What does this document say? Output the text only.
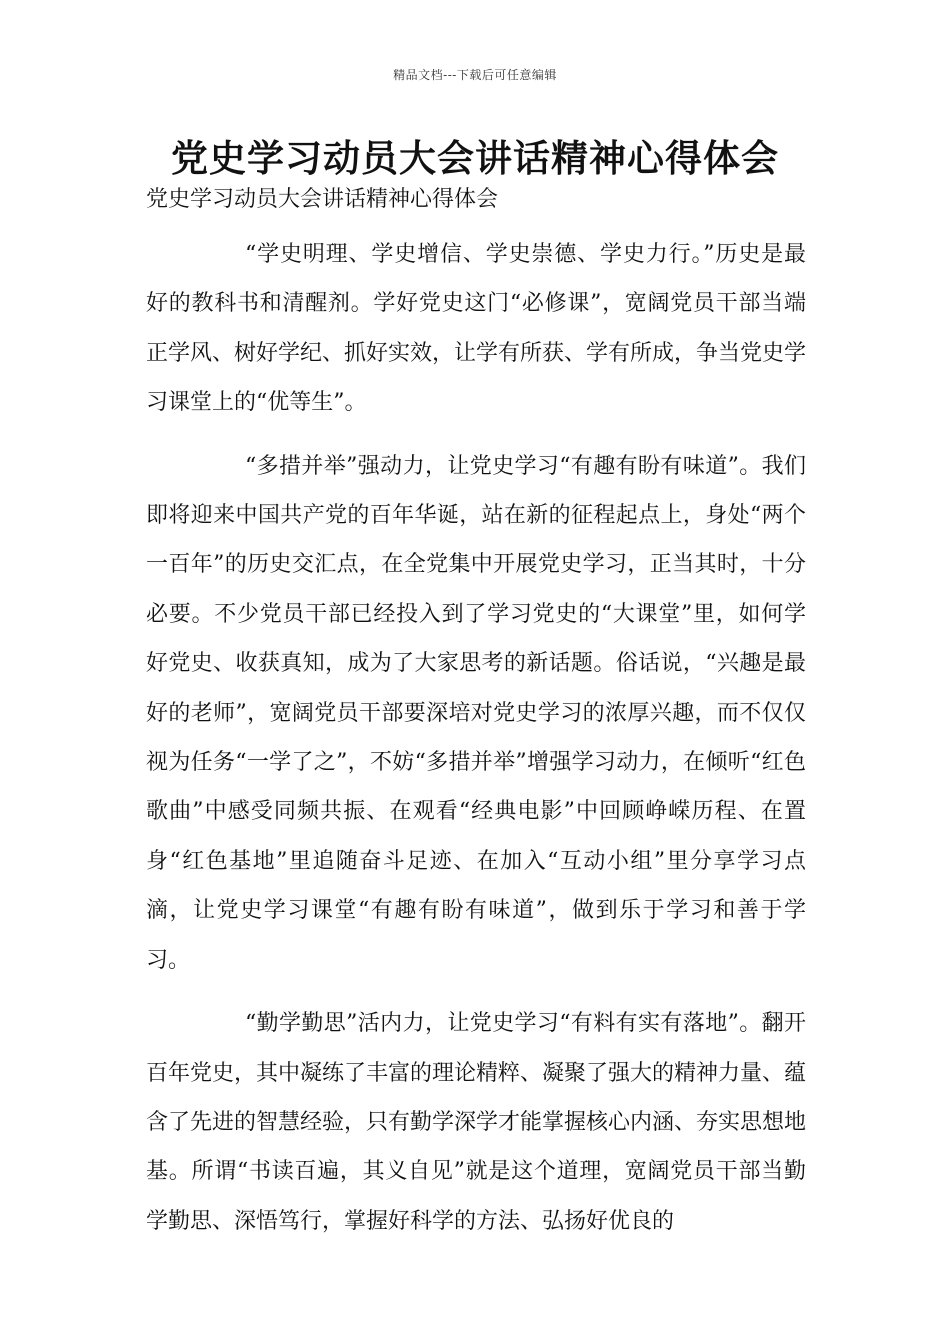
精品文档---下载后可任意编辑
党史学习动员大会讲话精神心得体会

党史学习动员大会讲话精神心得体会

“学史明理、学史增信、学史崇德、学史力行。”历史是最好的教科书和清醒剂。学好党史这门“必修课”，宽阔党员干部当端正学风、树好学纪、抓好实效，让学有所获、学有所成，争当党史学习课堂上的“优等生”。

“多措并举”强动力，让党史学习“有趣有盼有味道”。我们即将迎来中国共产党的百年华诞，站在新的征程起点上，身处“两个一百年”的历史交汇点，在全党集中开展党史学习，正当其时，十分必要。不少党员干部已经投入到了学习党史的“大课堂”里，如何学好党史、收获真知，成为了大家思考的新话题。俗话说，“兴趣是最好的老师”，宽阔党员干部要深培对党史学习的浓厚兴趣，而不仅仅视为任务“一学了之”，不妨“多措并举”增强学习动力，在倾听“红色歌曲”中感受同频共振、在观看“经典电影”中回顾峥嵘历程、在置身“红色基地”里追随奋斗足迹、在加入“互动小组”里分享学习点滴，让党史学习课堂“有趣有盼有味道”，做到乐于学习和善于学习。

“勤学勤思”活内力，让党史学习“有料有实有落地”。翻开百年党史，其中凝练了丰富的理论精粹、凝聚了强大的精神力量、蕴含了先进的智慧经验，只有勤学深学才能掌握核心内涵、夯实思想地基。所谓“书读百遍，其义自见”就是这个道理，宽阔党员干部当勤学勤思、深悟笃行，掌握好科学的方法、弘扬好优良的
